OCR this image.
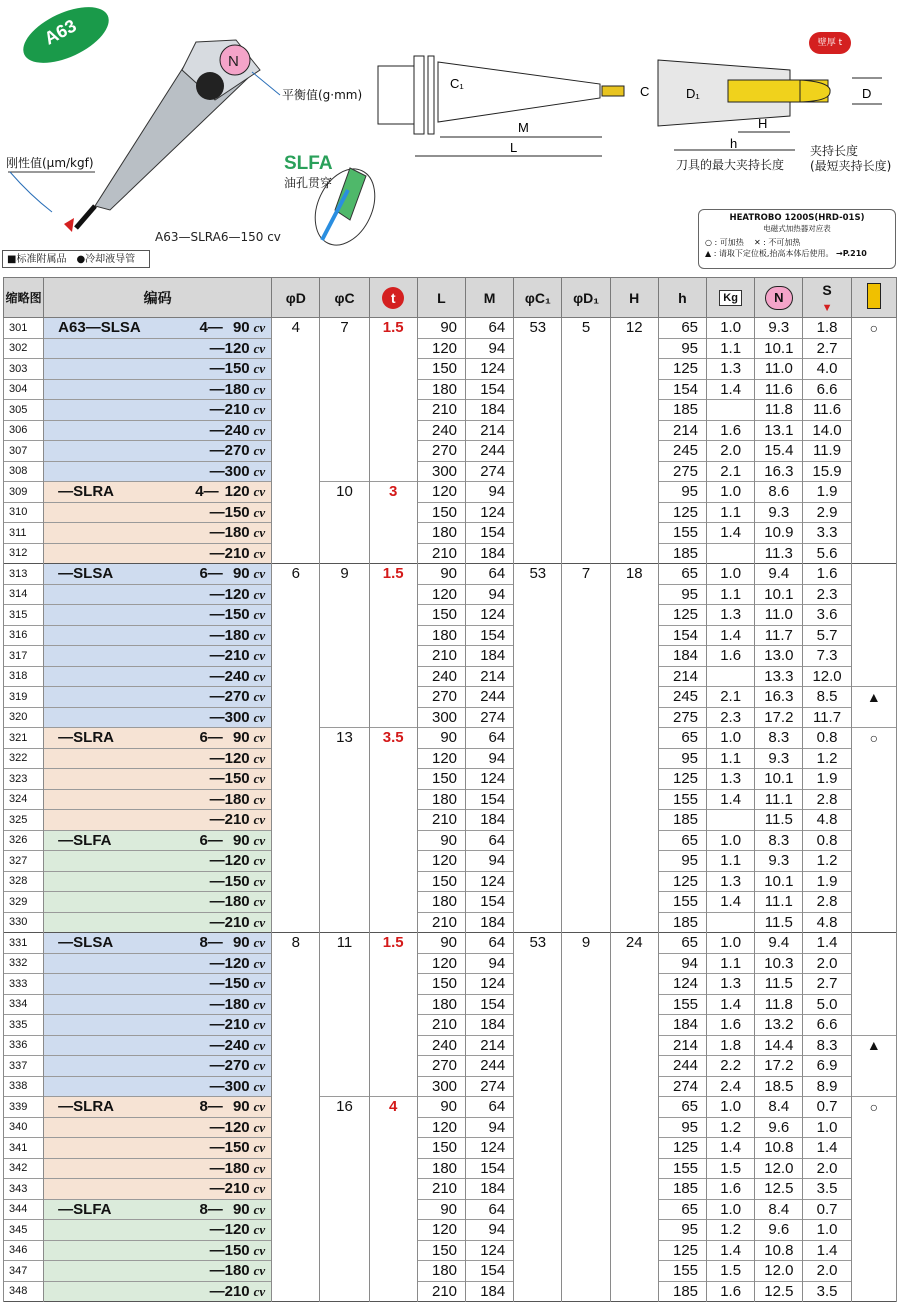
N
M
L
C₁
C	D₁	D
H
h
A63
平衡值(g·mm)
刚性值(μm/kgf)
A63—SLRA6—150 cv
■标准附属品　●冷却液导管
SLFA
油孔贯穿
壁厚 t
刀具的最大夹持长度
夹持长度
(最短夹持长度)
HEATROBO 1200S(HRD-01S)
电磁式加热器对应表
○ : 可加热 ✕ : 不可加热
▲ : 请取下定位板,抬高本体后使用。 →P.210
缩略图	编码	φD	φC	t	L	M	φC₁	φD₁	H	h	Kg	N	S
▼	
301	A63—SLSA 4— 90 cv	4	7	1.5	90	64	53	5	12	65	1.0	9.3	1.8	○
302	—120 cv				120	94				95	1.1	10.1	2.7	
303	—150 cv				150	124				125	1.3	11.0	4.0	
304	—180 cv				180	154				154	1.4	11.6	6.6	
305	—210 cv				210	184				185		11.8	11.6	
306	—240 cv				240	214				214	1.6	13.1	14.0	
307	—270 cv				270	244				245	2.0	15.4	11.9	
308	—300 cv				300	274				275	2.1	16.3	15.9	
309	—SLRA 4— 120 cv		10	3	120	94				95	1.0	8.6	1.9	
310	—150 cv				150	124				125	1.1	9.3	2.9	
311	—180 cv				180	154				155	1.4	10.9	3.3	
312	—210 cv				210	184				185		11.3	5.6	
313	—SLSA 6— 90 cv	6	9	1.5	90	64	53	7	18	65	1.0	9.4	1.6	
314	—120 cv				120	94				95	1.1	10.1	2.3	
315	—150 cv				150	124				125	1.3	11.0	3.6	
316	—180 cv				180	154				154	1.4	11.7	5.7	
317	—210 cv				210	184				184	1.6	13.0	7.3	
318	—240 cv				240	214				214		13.3	12.0	
319	—270 cv				270	244				245	2.1	16.3	8.5	▲
320	—300 cv				300	274				275	2.3	17.2	11.7	
321	—SLRA 6— 90 cv		13	3.5	90	64				65	1.0	8.3	0.8	○
322	—120 cv				120	94				95	1.1	9.3	1.2	
323	—150 cv				150	124				125	1.3	10.1	1.9	
324	—180 cv				180	154				155	1.4	11.1	2.8	
325	—210 cv				210	184				185		11.5	4.8	
326	—SLFA 6— 90 cv				90	64				65	1.0	8.3	0.8	
327	—120 cv				120	94				95	1.1	9.3	1.2	
328	—150 cv				150	124				125	1.3	10.1	1.9	
329	—180 cv				180	154				155	1.4	11.1	2.8	
330	—210 cv				210	184				185		11.5	4.8	
331	—SLSA 8— 90 cv	8	11	1.5	90	64	53	9	24	65	1.0	9.4	1.4	
332	—120 cv				120	94				94	1.1	10.3	2.0	
333	—150 cv				150	124				124	1.3	11.5	2.7	
334	—180 cv				180	154				155	1.4	11.8	5.0	
335	—210 cv				210	184				184	1.6	13.2	6.6	
336	—240 cv				240	214				214	1.8	14.4	8.3	▲
337	—270 cv				270	244				244	2.2	17.2	6.9	
338	—300 cv				300	274				274	2.4	18.5	8.9	
339	—SLRA 8— 90 cv		16	4	90	64				65	1.0	8.4	0.7	○
340	—120 cv				120	94				95	1.2	9.6	1.0	
341	—150 cv				150	124				125	1.4	10.8	1.4	
342	—180 cv				180	154				155	1.5	12.0	2.0	
343	—210 cv				210	184				185	1.6	12.5	3.5	
344	—SLFA 8— 90 cv				90	64				65	1.0	8.4	0.7	
345	—120 cv				120	94				95	1.2	9.6	1.0	
346	—150 cv				150	124				125	1.4	10.8	1.4	
347	—180 cv				180	154				155	1.5	12.0	2.0	
348	—210 cv				210	184				185	1.6	12.5	3.5	
